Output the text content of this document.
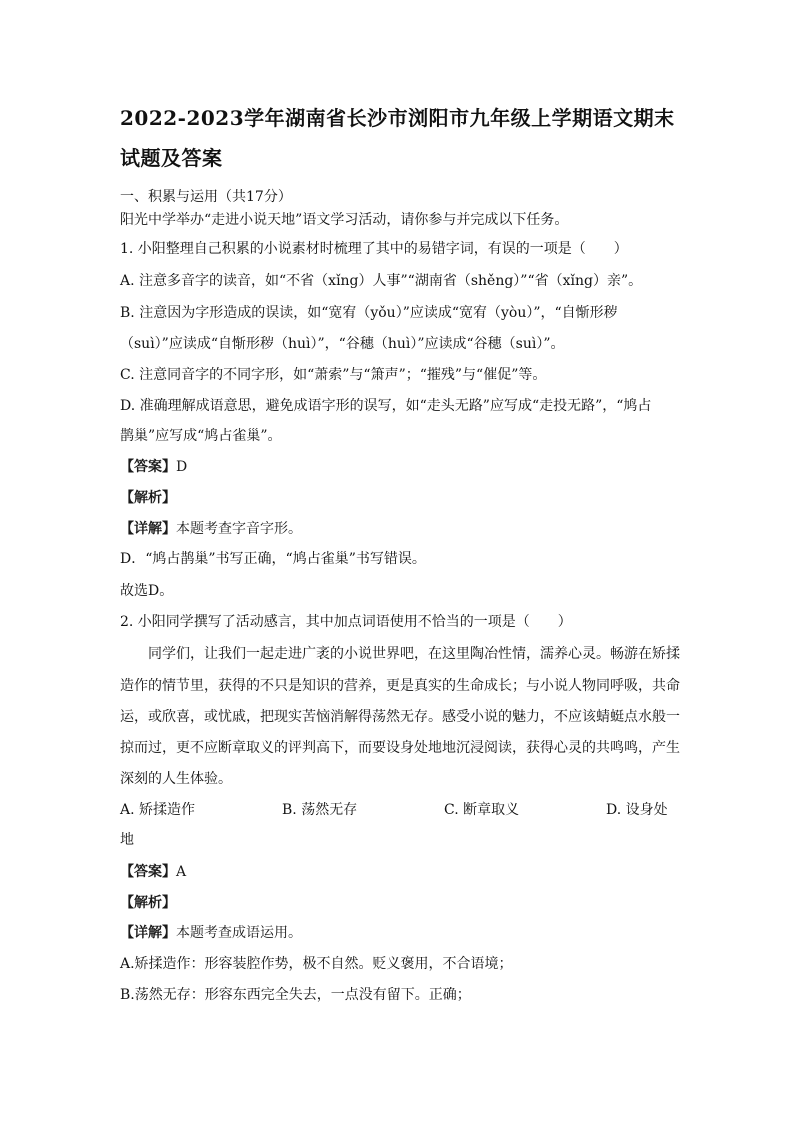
2022-2023学年湖南省长沙市浏阳市九年级上学期语文期末
试题及答案
一、积累与运用（共17分）
阳光中学举办“走进小说天地”语文学习活动，请你参与并完成以下任务。
1. 小阳整理自己积累的小说素材时梳理了其中的易错字词，有误的一项是（　　）
A. 注意多音字的读音，如“不省（xǐng）人事”“湖南省（shěng）”“省（xǐng）亲”。
B. 注意因为字形造成的误读，如“宽宥（yǒu）”应读成“宽宥（yòu）”，“自惭形秽
（suì）”应读成“自惭形秽（huì）”，“谷穗（huì）”应读成“谷穗（suì）”。
C. 注意同音字的不同字形，如“萧索”与“箫声”；“摧残”与“催促”等。
D. 准确理解成语意思，避免成语字形的误写，如“走头无路”应写成“走投无路”，“鸠占
鹊巢”应写成“鸠占雀巢”。
【答案】D
【解析】
【详解】本题考查字音字形。
D．“鸠占鹊巢”书写正确，“鸠占雀巢”书写错误。
故选D。
2. 小阳同学撰写了活动感言，其中加点词语使用不恰当的一项是（　　）
同学们，让我们一起走进广袤的小说世界吧，在这里陶冶性情，濡养心灵。畅游在矫揉
造作的情节里，获得的不只是知识的营养，更是真实的生命成长；与小说人物同呼吸，共命
运，或欣喜，或忧戚，把现实苦恼消解得荡然无存。感受小说的魅力，不应该蜻蜓点水般一
掠而过，更不应断章取义的评判高下，而要设身处地地沉浸阅读，获得心灵的共鸣鸣，产生
深刻的人生体验。
A. 矫揉造作	B. 荡然无存	C. 断章取义	D. 设身处
地
【答案】A
【解析】
【详解】本题考查成语运用。
A.矫揉造作：形容装腔作势，极不自然。贬义褒用，不合语境；
B.荡然无存：形容东西完全失去，一点没有留下。正确；
